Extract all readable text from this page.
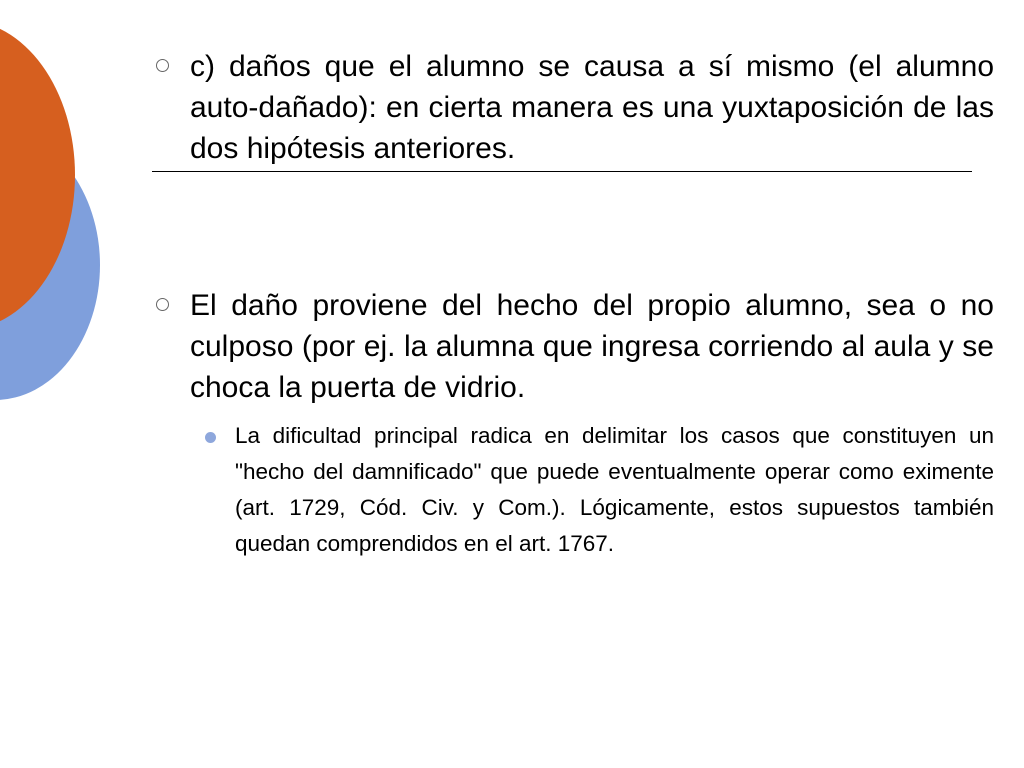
c) daños que el alumno se causa a sí mismo (el alumno auto-dañado): en cierta manera es una yuxtaposición de las dos hipótesis anteriores.
El daño proviene del hecho del propio alumno, sea o no culposo (por ej. la alumna que ingresa corriendo al aula y se choca la puerta de vidrio.
La dificultad principal radica en delimitar los casos que constituyen un "hecho del damnificado" que puede eventualmente operar como eximente (art. 1729, Cód. Civ. y Com.). Lógicamente, estos supuestos también quedan comprendidos en el art. 1767.
